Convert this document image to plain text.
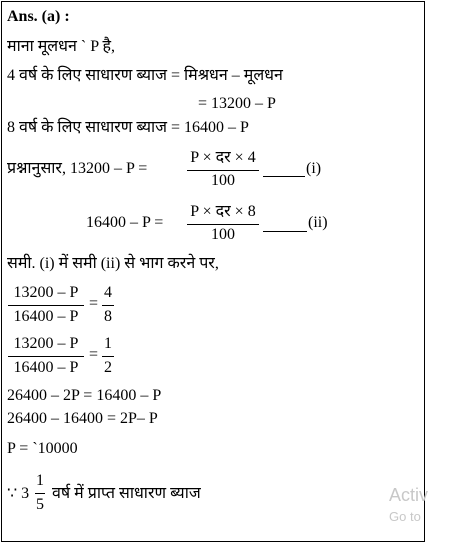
Ans. (a) :
माना मूलधन ` P है,
4 वर्ष के लिए साधारण ब्याज = मिश्रधन – मूलधन
= 13200 – P
8 वर्ष के लिए साधारण ब्याज = 16400 – P
प्रश्नानुसार, 13200 – P =
P × दर × 4
100
(i)
16400 – P =
P × दर × 8
100
(ii)
समी. (i) में समी (ii) से भाग करने पर,
13200 – P
16400 – P
=
4
8
13200 – P
16400 – P
=
1
2
26400 – 2P = 16400 – P
26400 – 16400 = 2P– P
P = `10000
∵ 3
1
5
वर्ष में प्राप्त साधारण ब्याज	Activ
Go to
